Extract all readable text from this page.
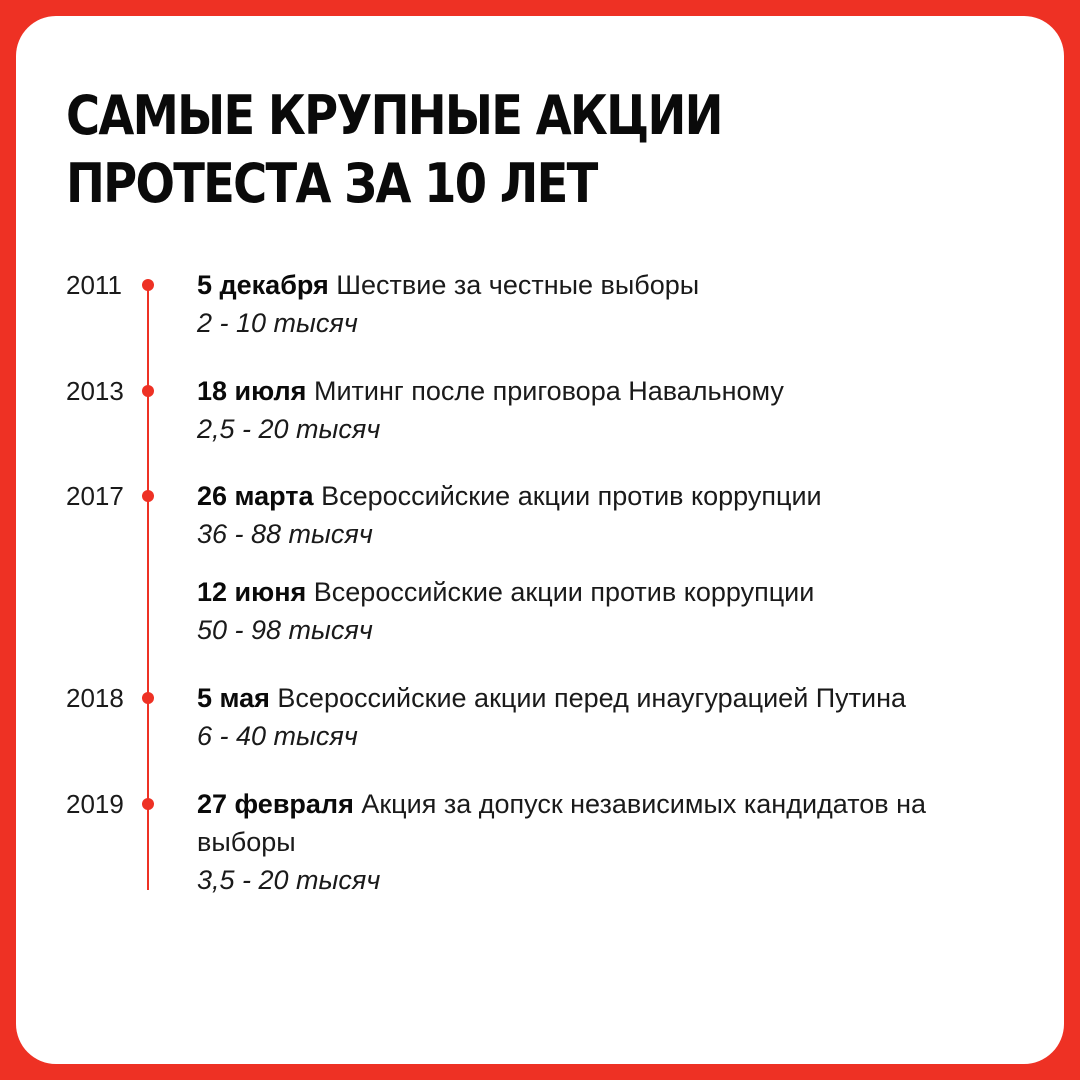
САМЫЕ КРУПНЫЕ АКЦИИ ПРОТЕСТА ЗА 10 ЛЕТ
2011	5 декабря Шествие за честные выборы
2 - 10 тысяч
2013	18 июля Митинг после приговора Навальному
2,5 - 20 тысяч
2017	26 марта Всероссийские акции против коррупции
36 - 88 тысяч
12 июня Всероссийские акции против коррупции
50 - 98 тысяч
2018	5 мая Всероссийские акции перед инаугурацией Путина
6 - 40 тысяч
2019	27 февраля Акция за допуск независимых кандидатов на выборы
3,5 - 20 тысяч
